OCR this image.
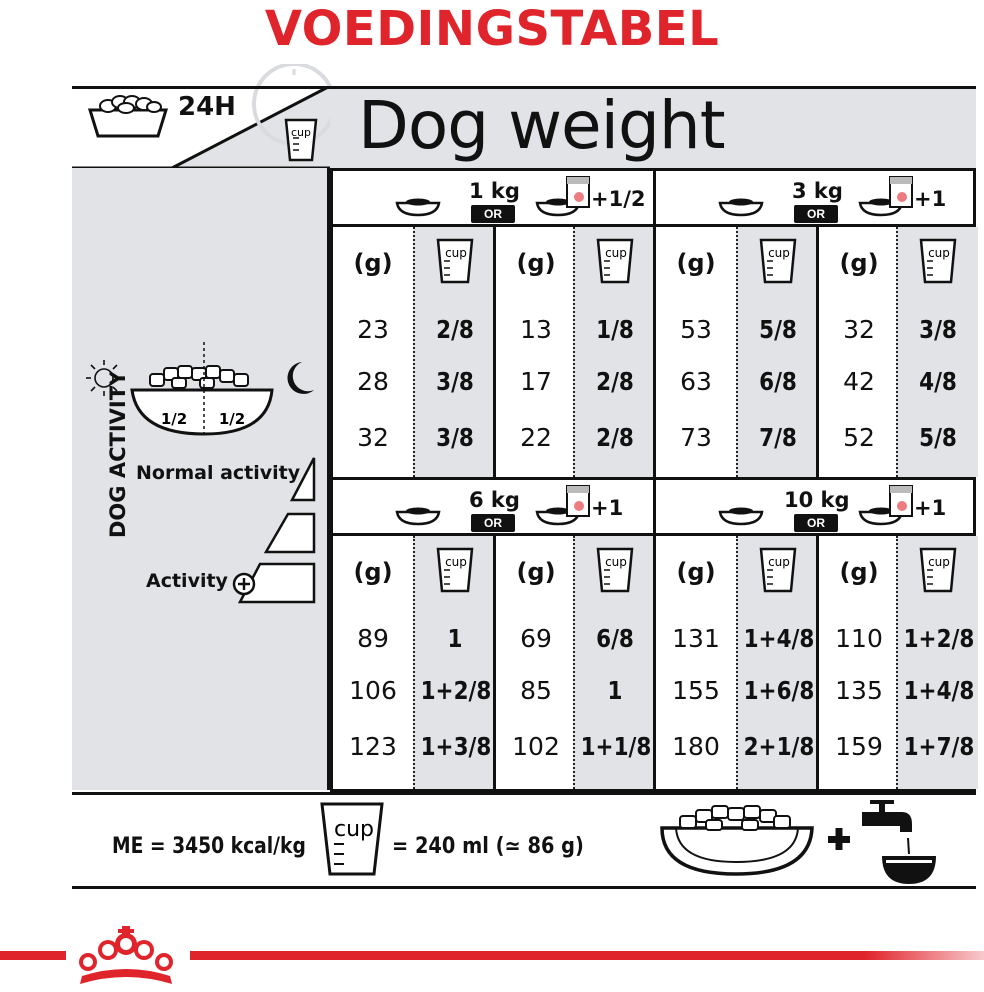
VOEDINGSTABEL
cup
24H Dog weight
DOG ACTIVITY 1/2 1/2
Normal activity
Activity
1 kg
OR
+1/2
(g)
23
28
32
cup
2/8
3/8
3/8
(g)
13
17
22
cup
1/8
2/8
2/8
3 kg
OR
+1
(g)
53
63
73
cup
5/8
6/8
7/8
(g)
32
42
52
cup
3/8
4/8
5/8
6 kg
OR
+1
(g)
89
106
123
cup
1
1+2/8
1+3/8
(g)
69
85
102
cup
6/8
1
1+1/8
10 kg
OR
+1
(g)
131
155
180
cup
1+4/8
1+6/8
2+1/8
(g)
110
135
159
cup
1+2/8
1+4/8
1+7/8
ME = 3450 kcal/kg
cup
= 240 ml (≃ 86 g)
